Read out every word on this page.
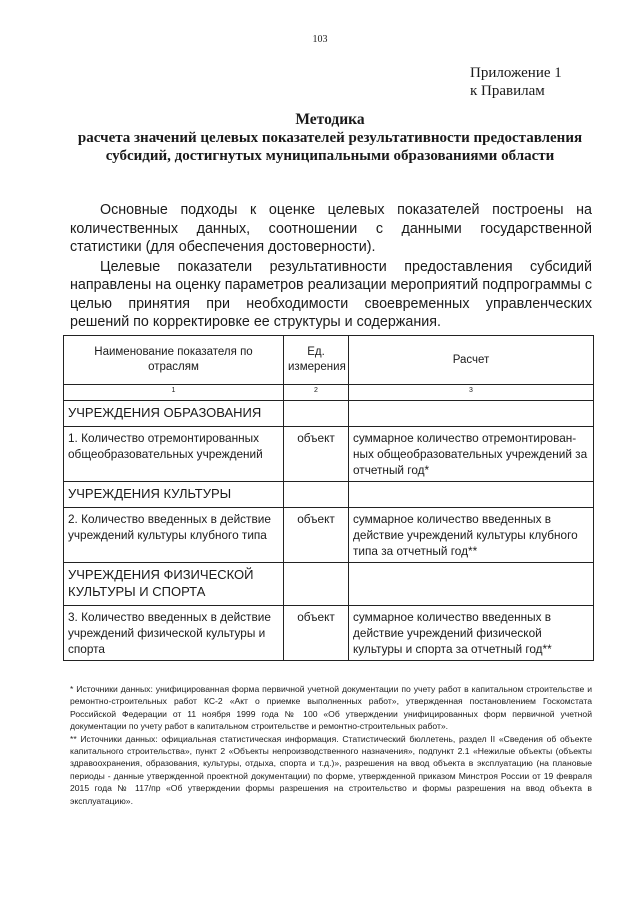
103
Приложение 1
к Правилам
Методика
расчета значений целевых показателей результативности предоставления
субсидий, достигнутых муниципальными образованиями области

Основные подходы к оценке целевых показателей построены на количественных данных, соотношении с данными государственной статистики (для обеспечения достоверности).

Целевые показатели результативности предоставления субсидий направлены на оценку параметров реализации мероприятий подпрограммы с целью принятия при необходимости своевременных управленческих решений по корректировке ее структуры и содержания.

Наименование показателя по отраслям	Ед. измерения	Расчет
1	2	3
УЧРЕЖДЕНИЯ ОБРАЗОВАНИЯ		
1. Количество отремонтированных общеобразовательных учреждений	объект	суммарное количество отремонтирован-ных общеобразовательных учреждений за отчетный год*
УЧРЕЖДЕНИЯ КУЛЬТУРЫ		
2. Количество введенных в действие учреждений культуры клубного типа	объект	суммарное количество введенных в действие учреждений культуры клубного типа за отчетный год**
УЧРЕЖДЕНИЯ ФИЗИЧЕСКОЙ КУЛЬТУРЫ И СПОРТА		
3. Количество введенных в действие учреждений физической культуры и спорта	объект	суммарное количество введенных в действие учреждений физической культуры и спорта за отчетный год**

* Источники данных: унифицированная форма первичной учетной документации по учету работ в капитальном строительстве и ремонтно-строительных работ КС-2 «Акт о приемке выполненных работ», утвержденная постановлением Госкомстата Российской Федерации от 11 ноября 1999 года № 100 «Об утверждении унифицированных форм первичной учетной документации по учету работ в капитальном строительстве и ремонтно-строительных работ».

** Источники данных: официальная статистическая информация. Статистический бюллетень, раздел II «Сведения об объекте капитального строительства», пункт 2 «Объекты непроизводственного назначения», подпункт 2.1 «Нежилые объекты (объекты здравоохранения, образования, культуры, отдыха, спорта и т.д.)», разрешения на ввод объекта в эксплуатацию (на плановые периоды - данные утвержденной проектной документации) по форме, утвержденной приказом Минстроя России от 19 февраля 2015 года № 117/пр «Об утверждении формы разрешения на строительство и формы разрешения на ввод объекта в эксплуатацию».
